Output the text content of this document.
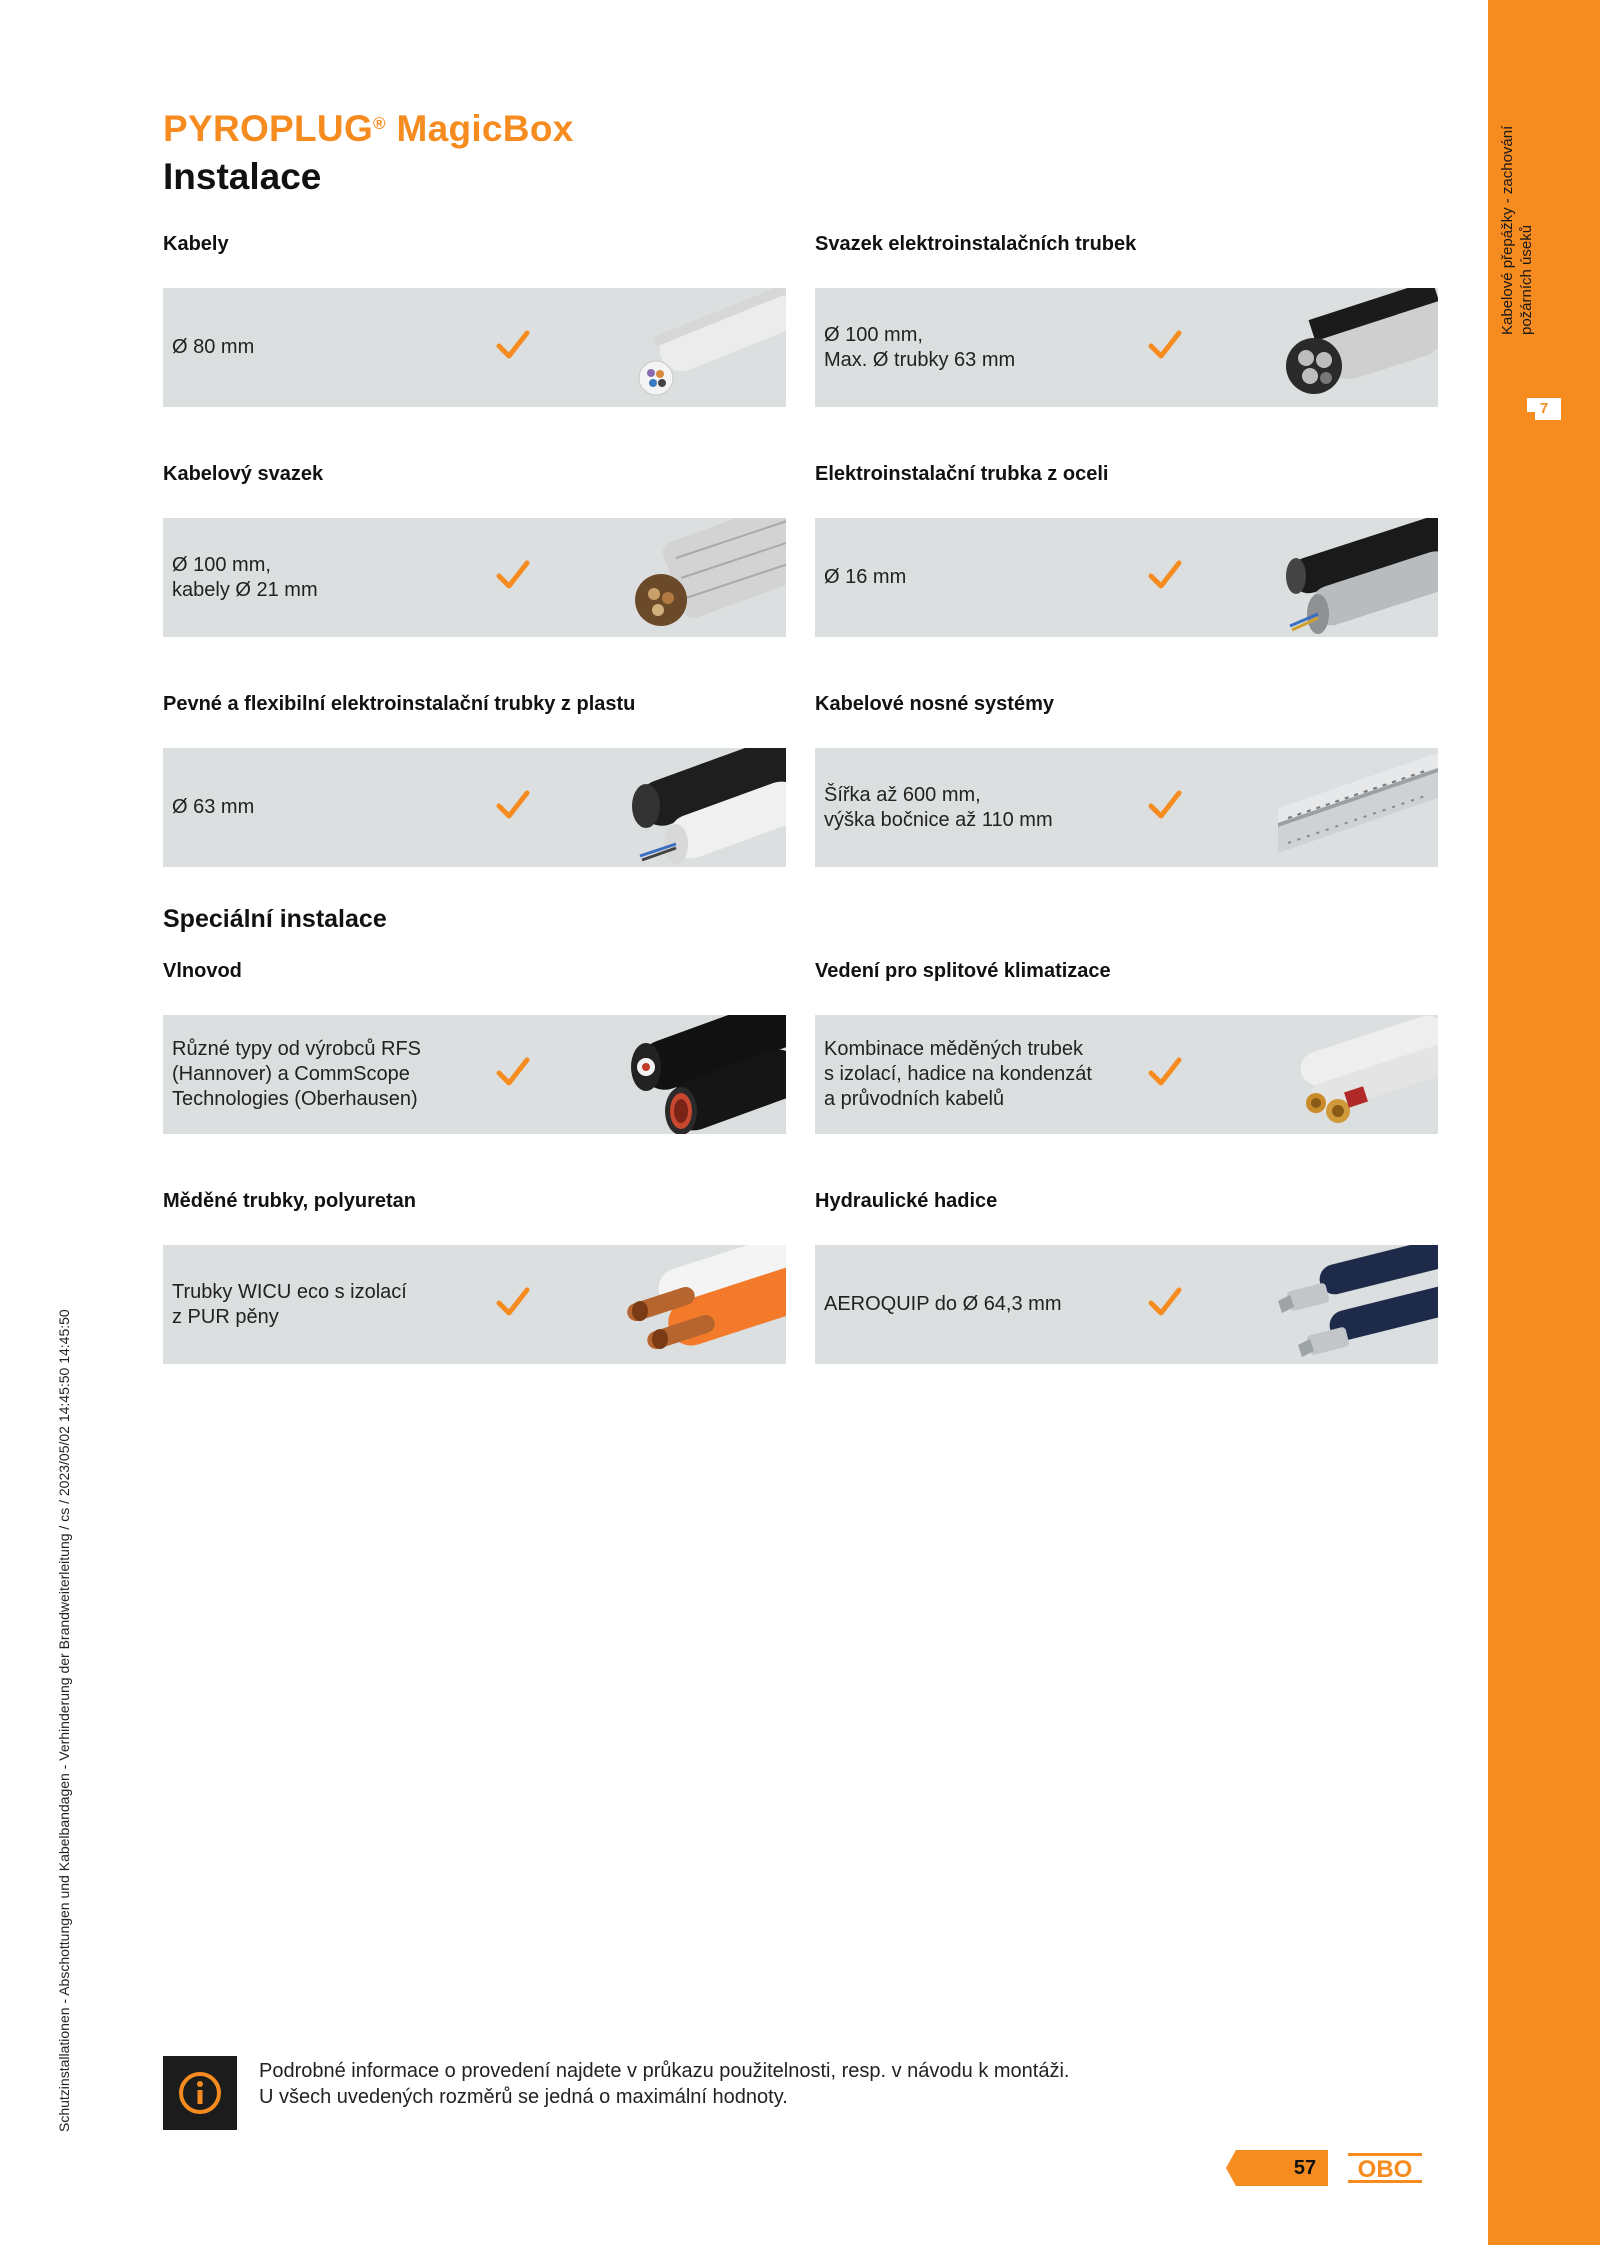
Kabelové přepážky - zachování požárních úseků
7
Schutzinstallationen - Abschottungen und Kabelbandagen - Verhinderung der Brandweiterleitung / cs / 2023/05/02 14:45:50 14:45:50
PYROPLUG® MagicBox
Instalace
Speciální instalace
Kabely	Svazek elektroinstalačních trubek
Ø 80 mm
Ø 100 mm,
Max. Ø trubky 63 mm
Kabelový svazek	Elektroinstalační trubka z oceli
Ø 100 mm,
kabely Ø 21 mm
Ø 16 mm
Pevné a flexibilní elektroinstalační trubky z plastu	Kabelové nosné systémy
Ø 63 mm
Šířka až 600 mm,
výška bočnice až 110 mm
Vlnovod	Vedení pro splitové klimatizace
Různé typy od výrobců RFS
(Hannover) a CommScope
Technologies (Oberhausen)
Kombinace měděných trubek
s izolací, hadice na kondenzát
a průvodních kabelů
Měděné trubky, polyuretan	Hydraulické hadice
Trubky WICU eco s izolací
z PUR pěny
AEROQUIP do Ø 64,3 mm
Podrobné informace o provedení najdete v průkazu použitelnosti, resp. v návodu k montáži.
U všech uvedených rozměrů se jedná o maximální hodnoty.
57	OBO
